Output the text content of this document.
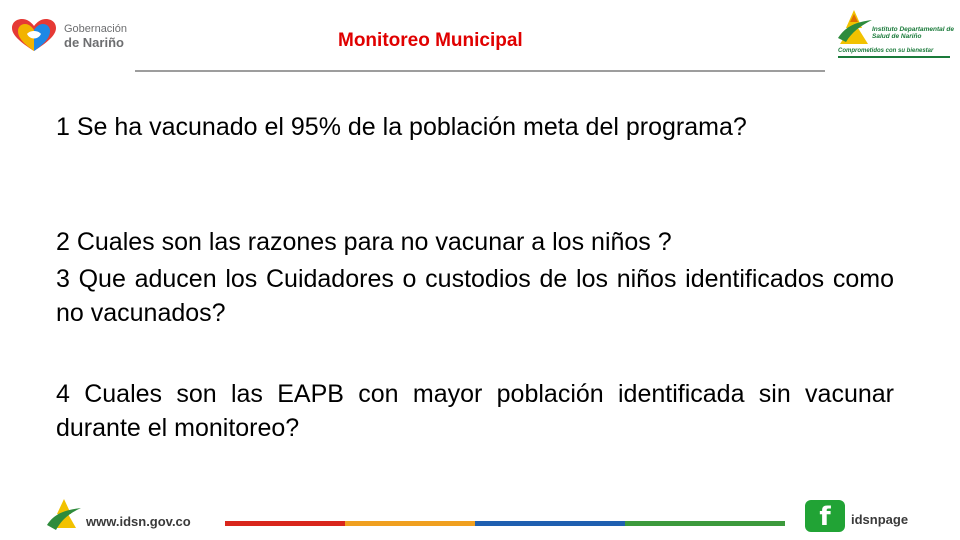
Gobernación
de Nariño	Monitoreo Municipal
Instituto Departamental de Salud de Nariño
Comprometidos con su bienestar

1 Se ha vacunado el 95% de la población meta del programa?

2 Cuales son las razones para no vacunar a los niños ?

3 Que aducen los Cuidadores o custodios de los niños identificados como no vacunados?

4 Cuales son las EAPB con mayor población identificada sin vacunar durante el monitoreo?

www.idsn.gov.co	f	idsnpage
